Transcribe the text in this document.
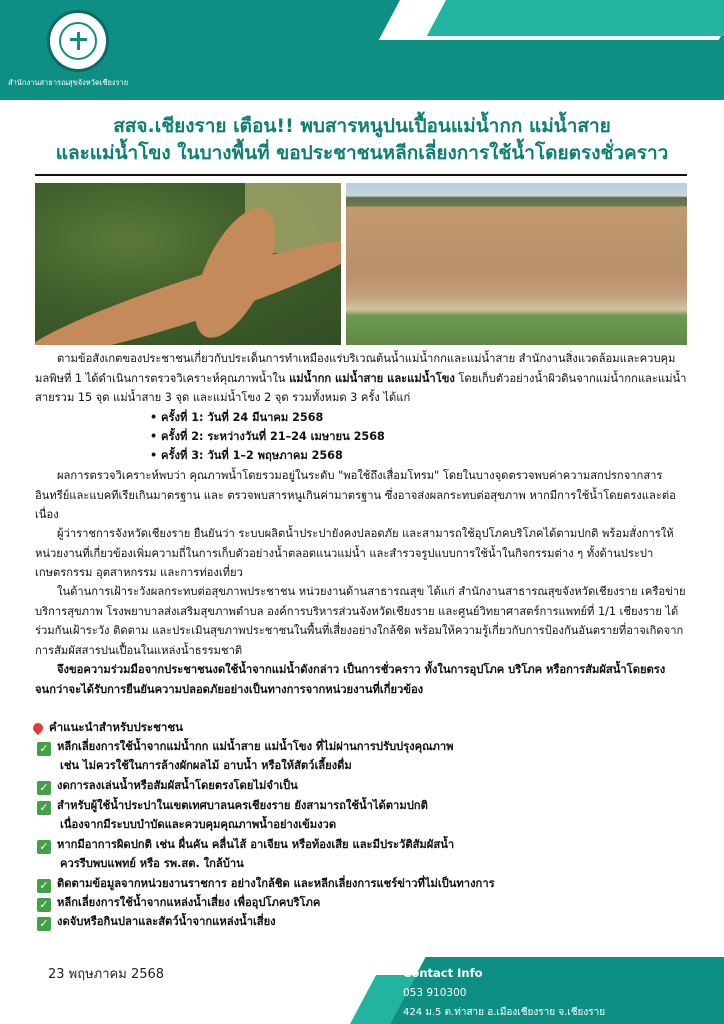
สำนักงานสาธารณสุขจังหวัดเชียงราย
สสจ.เชียงราย เตือน!! พบสารหนูปนเปื้อนแม่น้ำกก แม่น้ำสาย
และแม่น้ำโขง ในบางพื้นที่ ขอประชาชนหลีกเลี่ยงการใช้น้ำโดยตรงชั่วคราว
ตามข้อสังเกตของประชาชนเกี่ยวกับประเด็นการทำเหมืองแร่บริเวณต้นน้ำแม่น้ำกกและแม่น้ำสาย สำนักงานสิ่งแวดล้อมและควบคุมมลพิษที่ 1 ได้ดำเนินการตรวจวิเคราะห์คุณภาพน้ำใน แม่น้ำกก แม่น้ำสาย และแม่น้ำโขง โดยเก็บตัวอย่างน้ำผิวดินจากแม่น้ำกกและแม่น้ำสายรวม 15 จุด แม่น้ำสาย 3 จุด และแม่น้ำโขง 2 จุด รวมทั้งหมด 3 ครั้ง ได้แก่
• ครั้งที่ 1: วันที่ 24 มีนาคม 2568
• ครั้งที่ 2: ระหว่างวันที่ 21–24 เมษายน 2568
• ครั้งที่ 3: วันที่ 1–2 พฤษภาคม 2568
ผลการตรวจวิเคราะห์พบว่า คุณภาพน้ำโดยรวมอยู่ในระดับ "พอใช้ถึงเสื่อมโทรม" โดยในบางจุดตรวจพบค่าความสกปรกจากสารอินทรีย์และแบคทีเรียเกินมาตรฐาน และ ตรวจพบสารหนูเกินค่ามาตรฐาน ซึ่งอาจส่งผลกระทบต่อสุขภาพ หากมีการใช้น้ำโดยตรงและต่อเนื่อง
ผู้ว่าราชการจังหวัดเชียงราย ยืนยันว่า ระบบผลิตน้ำประปายังคงปลอดภัย และสามารถใช้อุปโภคบริโภคได้ตามปกติ พร้อมสั่งการให้หน่วยงานที่เกี่ยวข้องเพิ่มความถี่ในการเก็บตัวอย่างน้ำตลอดแนวแม่น้ำ และสำรวจรูปแบบการใช้น้ำในกิจกรรมต่าง ๆ ทั้งด้านประปา เกษตรกรรม อุตสาหกรรม และการท่องเที่ยว
ในด้านการเฝ้าระวังผลกระทบต่อสุขภาพประชาชน หน่วยงานด้านสาธารณสุข ได้แก่ สำนักงานสาธารณสุขจังหวัดเชียงราย เครือข่ายบริการสุขภาพ โรงพยาบาลส่งเสริมสุขภาพตำบล องค์การบริหารส่วนจังหวัดเชียงราย และศูนย์วิทยาศาสตร์การแพทย์ที่ 1/1 เชียงราย ได้ร่วมกันเฝ้าระวัง ติดตาม และประเมินสุขภาพประชาชนในพื้นที่เสี่ยงอย่างใกล้ชิด พร้อมให้ความรู้เกี่ยวกับการป้องกันอันตรายที่อาจเกิดจากการสัมผัสสารปนเปื้อนในแหล่งน้ำธรรมชาติ
จึงขอความร่วมมือจากประชาชนงดใช้น้ำจากแม่น้ำดังกล่าว เป็นการชั่วคราว ทั้งในการอุปโภค บริโภค หรือการสัมผัสน้ำโดยตรง จนกว่าจะได้รับการยืนยันความปลอดภัยอย่างเป็นทางการจากหน่วยงานที่เกี่ยวข้อง
คำแนะนำสำหรับประชาชน
✓ หลีกเลี่ยงการใช้น้ำจากแม่น้ำกก แม่น้ำสาย แม่น้ำโขง ที่ไม่ผ่านการปรับปรุงคุณภาพ
เช่น ไม่ควรใช้ในการล้างผักผลไม้ อาบน้ำ หรือให้สัตว์เลี้ยงดื่ม
✓ งดการลงเล่นน้ำหรือสัมผัสน้ำโดยตรงโดยไม่จำเป็น
✓ สำหรับผู้ใช้น้ำประปาในเขตเทศบาลนครเชียงราย ยังสามารถใช้น้ำได้ตามปกติ
เนื่องจากมีระบบบำบัดและควบคุมคุณภาพน้ำอย่างเข้มงวด
✓ หากมีอาการผิดปกติ เช่น ผื่นคัน คลื่นไส้ อาเจียน หรือท้องเสีย และมีประวัติสัมผัสน้ำ
ควรรีบพบแพทย์ หรือ รพ.สต. ใกล้บ้าน
✓ ติดตามข้อมูลจากหน่วยงานราชการ อย่างใกล้ชิด และหลีกเลี่ยงการแชร์ข่าวที่ไม่เป็นทางการ
✓ หลีกเลี่ยงการใช้น้ำจากแหล่งน้ำเสี่ยง เพื่ออุปโภคบริโภค
✓ งดจับหรือกินปลาและสัตว์น้ำจากแหล่งน้ำเสี่ยง
23 พฤษภาคม 2568	Contact Info
053 910300
424 ม.5 ต.ท่าสาย อ.เมืองเชียงราย จ.เชียงราย
